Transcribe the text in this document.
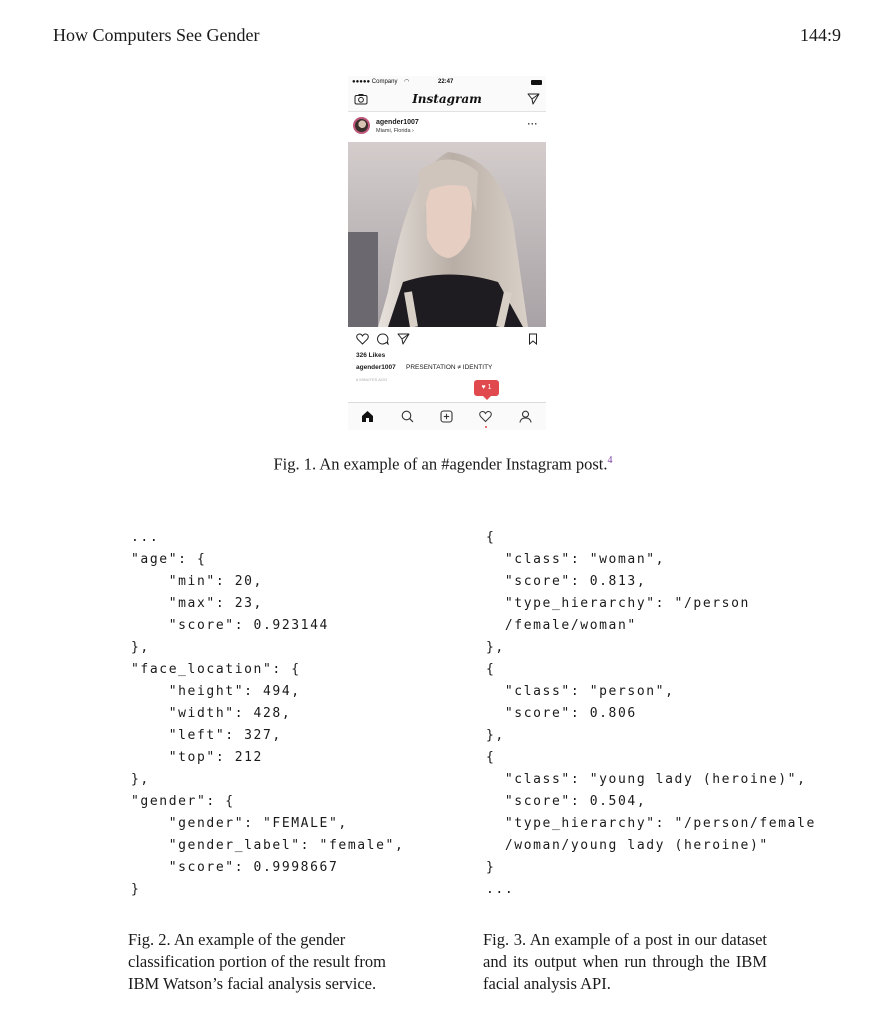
How Computers See Gender	144:9
●●●●● Company ◠	22:47
Instagram
agender1007
Miami, Florida ›
···
326 Likes
agender1007 PRESENTATION ≠ IDENTITY
6 MINUTES AGO
♥ 1
Fig. 1. An example of an #agender Instagram post.$^4$
...
"age": {
"min": 20,
"max": 23,
"score": 0.923144
},
"face_location": {
"height": 494,
"width": 428,
"left": 327,
"top": 212
},
"gender": {
"gender": "FEMALE",
"gender_label": "female",
"score": 0.9998667
}
{
"class": "woman",
"score": 0.813,
"type_hierarchy": "/person
/female/woman"
},
{
"class": "person",
"score": 0.806
},
{
"class": "young lady (heroine)",
"score": 0.504,
"type_hierarchy": "/person/female
/woman/young lady (heroine)"
}
...
Fig. 2. An example of the gender classification portion of the result from IBM Watson’s facial analysis service.
Fig. 3. An example of a post in our dataset and its output when run through the IBM facial analysis API.
